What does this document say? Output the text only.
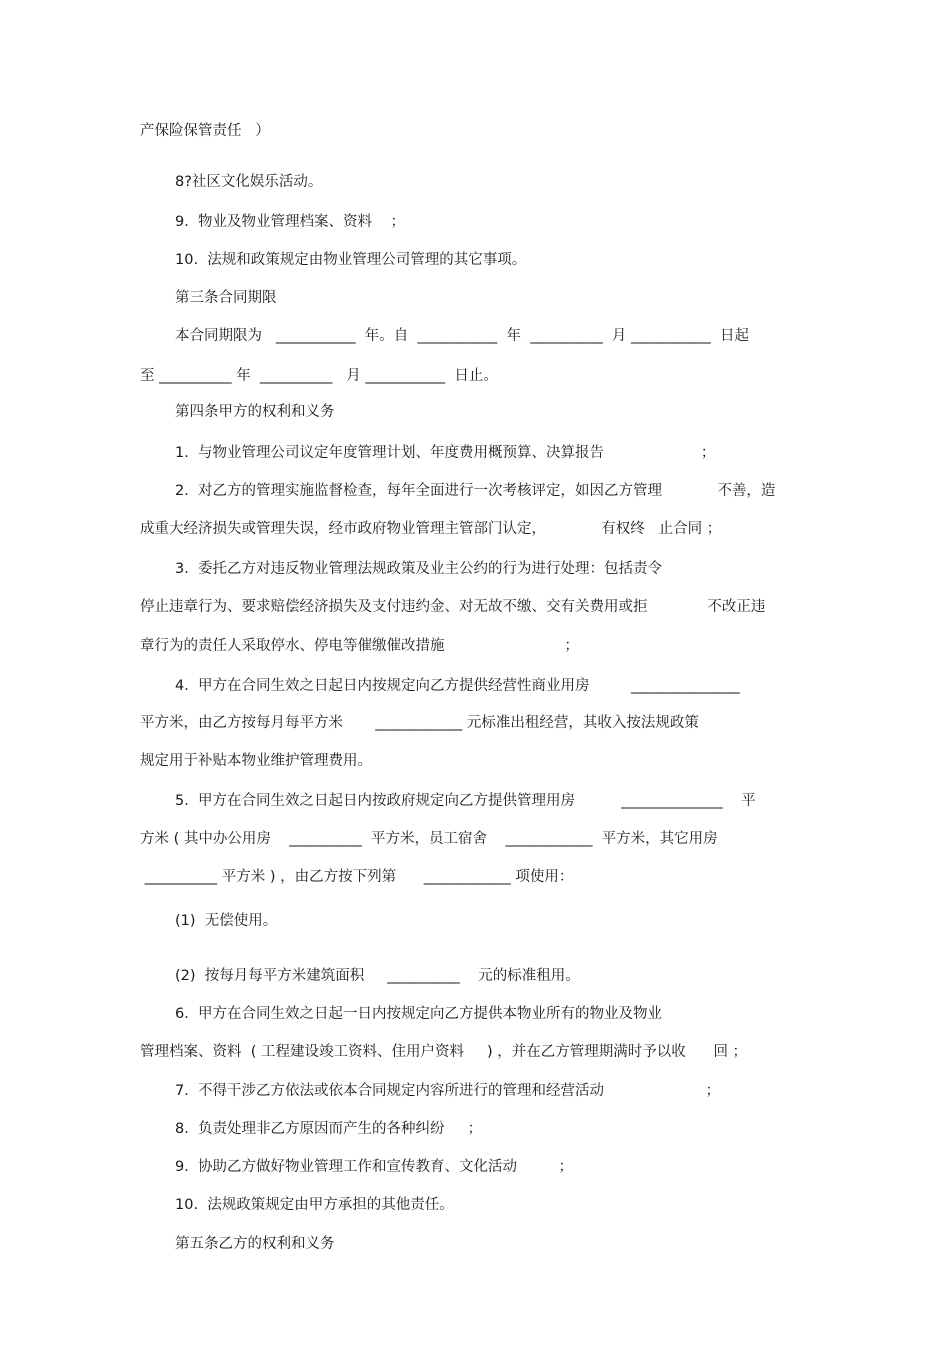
产保险保管责任   ）
8?社区文化娱乐活动。
9.  物业及物业管理档案、资料    ；
10.  法规和政策规定由物业管理公司管理的其它事项。
第三条合同期限
本合同期限为   ___________  年。自  ___________  年  __________  月 ___________  日起
至 __________ 年  __________   月 ___________  日止。
第四条甲方的权利和义务
1.  与物业管理公司议定年度管理计划、年度费用概预算、决算报告                     ；
2.  对乙方的管理实施监督检查，每年全面进行一次考核评定，如因乙方管理            不善，造
成重大经济损失或管理失误，经市政府物业管理主管部门认定，            有权终   止合同 ；
3.  委托乙方对违反物业管理法规政策及业主公约的行为进行处理：包括责令
停止违章行为、要求赔偿经济损失及支付违约金、对无故不缴、交有关费用或拒             不改正违
章行为的责任人采取停水、停电等催缴催改措施                          ；
4.  甲方在合同生效之日起日内按规定向乙方提供经营性商业用房         _______________
平方米，由乙方按每月每平方米       ____________ 元标准出租经营，其收入按法规政策
规定用于补贴本物业维护管理费用。
5.  甲方在合同生效之日起日内按政府规定向乙方提供管理用房          ______________    平
方米 ( 其中办公用房    __________  平方米，员工宿舍    ____________  平方米，其它用房
__________ 平方米 ) ，由乙方按下列第      ____________ 项使用：
(1)  无偿使用。
(2)  按每月每平方米建筑面积     __________    元的标准租用。
6.  甲方在合同生效之日起一日内按规定向乙方提供本物业所有的物业及物业
管理档案、资料  ( 工程建设竣工资料、住用户资料     ) ，并在乙方管理期满时予以收      回 ；
7.  不得干涉乙方依法或依本合同规定内容所进行的管理和经营活动                      ；
8.  负责处理非乙方原因而产生的各种纠纷     ；
9.  协助乙方做好物业管理工作和宣传教育、文化活动         ；
10.  法规政策规定由甲方承担的其他责任。
第五条乙方的权利和义务
